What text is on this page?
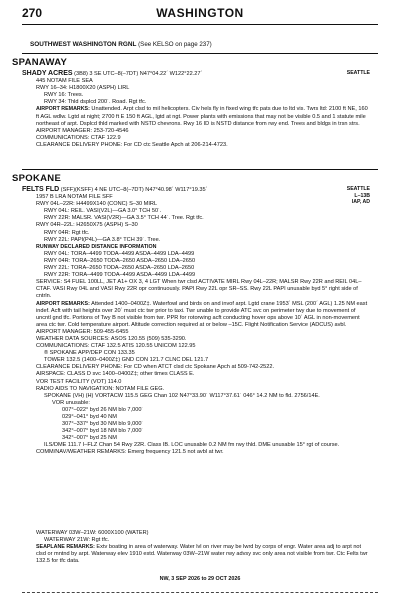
270	WASHINGTON
SOUTHWEST WASHINGTON RGNL (See KELSO on page 237)
SPANAWAY
SEATTLE
SHADY ACRES (3B8) 3 SE UTC–8(–7DT) N47°04.22´ W122°22.27´
445 NOTAM FILE SEA
RWY 16–34: H1800X20 (ASPH) LIRL
RWY 16: Trees.
RWY 34: Thld dsplcd 200´. Road. Rgt tfc.
AIRPORT REMARKS: Unattended. Arpt clsd to mil helicopters. Civ hels fly in fixed wing tfc pats due to ltd vis. Twrs ltd: 2100 ft NE, 160 ft AGL wdlw. Lgtd at night; 2700 ft E 150 ft AGL, lgtd at ngt. Power plants with emissions that may not be visible 0.5 and 1 statute mile northeast of arpt. Dsplcd thld marked with NSTD chevrons. Rwy 16 ID is NSTD distance from rwy end. Trees and bldgs in trsn strs.
AIRPORT MANAGER: 253-720-4546
COMMUNICATIONS: CTAF 122.9
CLEARANCE DELIVERY PHONE: For CD ctc Seattle Apch at 206-214-4723.
SPOKANE
SEATTLE
L–13B
IAP, AD
FELTS FLD (SFF)(KSFF) 4 NE UTC–8(–7DT) N47°40.98´ W117°19.35´
1957 B LRA NOTAM FILE SFF
RWY 04L–22R: H4499X140 (CONC) S–30 MIRL
RWY 04L: REIL. VASI(V2L)—GA 3.0° TCH 50´.
RWY 22R: MALSR. VASI(V2R)—GA 3.5° TCH 44´. Tree. Rgt tfc.
RWY 04R–22L: H2650X75 (ASPH) S–30
RWY 04R: Rgt tfc.
RWY 22L: PAPI(P4L)—GA 3.8° TCH 39´. Tree.
RUNWAY DECLARED DISTANCE INFORMATION
RWY 04L: TORA–4499 TODA–4499 ASDA–4499 LDA–4499
RWY 04R: TORA–2650 TODA–2650 ASDA–2650 LDA–2650
RWY 22L: TORA–2650 TODA–2650 ASDA–2650 LDA–2650
RWY 22R: TORA–4499 TODA–4499 ASDA–4499 LDA–4499
SERVICE: S4 FUEL 100LL, JET A1+ OX 3, 4 LGT When twr clsd ACTIVATE MIRL Rwy 04L–22R; MALSR Rwy 22R and REIL 04L–CTAF. VASI Rwy 04L and VASI Rwy 22R opr continuously. PAPI Rwy 22L opr SR–SS. Rwy 22L PAPI unusable byd 5° right side of cntrln.
AIRPORT REMARKS: Attended 1400–0400Z‡. Waterfowl and birds on and invof arpt. Lgtd crane 1953´ MSL (200´ AGL) 1.25 NM east indef. Acft with tail heights over 20´ must ctc twr prior to taxi. Twr unable to provide ATC svc on perimeter twy due to movement of uncntl gnd tfc. Portions of Twy B not visible from twr. PPR for rotorwing acft conducting hover ops above 10´ AGL in non-movement area ctc twr. Cold temperature airport. Altitude correction required at or below –15C. Flight Notification Service (ADCUS) avbl.
AIRPORT MANAGER: 509-455-6455
WEATHER DATA SOURCES: ASOS 120.55 (509) 535-3290.
COMMUNICATIONS: CTAF 132.5 ATIS 120.55 UNICOM 122.95
® SPOKANE APP/DEP CON 133.35
TOWER 132.5 (1400–0400Z‡) GND CON 121.7 CLNC DEL 121.7
CLEARANCE DELIVERY PHONE: For CD when ATCT clsd ctc Spokane Apch at 509-742-2522.
AIRSPACE: CLASS D svc 1400–0400Z‡; other times CLASS E.
VOR TEST FACILITY (VOT) 114.0
RADIO AIDS TO NAVIGATION: NOTAM FILE GEG.
SPOKANE (VH) (H) VORTACW 115.5 GEG Chan 102 N47°33.90´ W117°37.61´ 046° 14.2 NM to fld. 2756/14E.
VOR unusable:
007°–022° byd 26 NM blo 7,000´
029°–041° byd 40 NM
307°–337° byd 30 NM blo 9,000´
342°–007° byd 18 NM blo 7,000´
342°–007° byd 25 NM
ILS/DME 111.7 I–FLZ Chan 54 Rwy 22R. Class IB. LOC unusable 0.2 NM fm rwy thld. DME unusable 15° rgt of course.
COMM/NAV/WEATHER REMARKS: Emerg frequency 121.5 not avbl at twr.
WATERWAY 03W–21W: 6000X100 (WATER)
WATERWAY 21W: Rgt tfc.
SEAPLANE REMARKS: Extv boating in area of waterway. Water lvl on river may be lwrd by corps of engr. Water area adj to arpt not clsd or mntnd by arpt. Waterway elev 1910 estd. Waterway 03W–21W water rwy advsy svc only area not visible from twr. Ctc Felts twr 132.5 for tfc data.
NW, 3 SEP 2026 to 29 OCT 2026
